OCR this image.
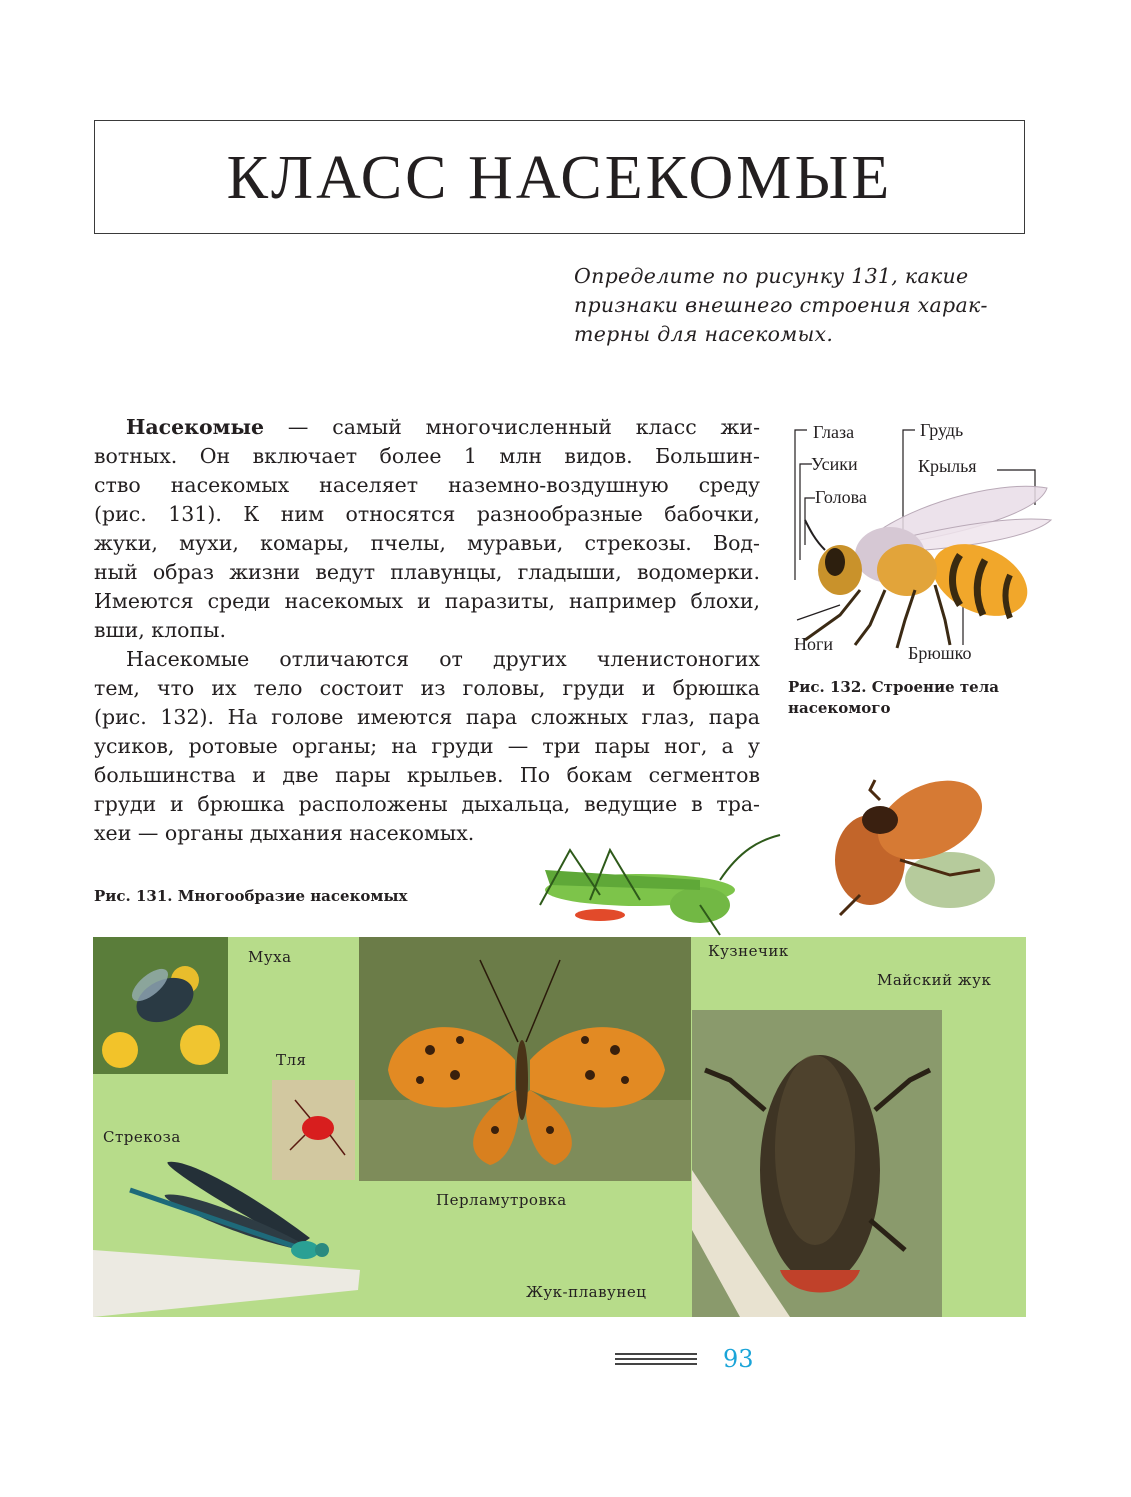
КЛАСС НАСЕКОМЫЕ
Определите по рисунку 131, какие
признаки внешнего строения харак-
терны для насекомых.
Насекомые — самый многочисленный класс жи-
вотных. Он включает более 1 млн видов. Большин-
ство насекомых населяет наземно-воздушную среду
(рис. 131). К ним относятся разнообразные бабочки,
жуки, мухи, комары, пчелы, муравьи, стрекозы. Вод-
ный образ жизни ведут плавунцы, гладыши, водомерки.
Имеются среди насекомых и паразиты, например блохи,
вши, клопы.
Насекомые отличаются от других членистоногих
тем, что их тело состоит из головы, груди и брюшка
(рис. 132). На голове имеются пара сложных глаз, пара
усиков, ротовые органы; на груди — три пары ног, а у
большинства и две пары крыльев. По бокам сегментов
груди и брюшка расположены дыхальца, ведущие в тра-
хеи — органы дыхания насекомых.
Глаза	Грудь
Усики	Крылья
Голова
Ноги	Брюшко
Рис. 132. Строение тела
насекомого
Рис. 131. Многообразие насекомых
Муха
Тля
Стрекоза
Перламутровка
Кузнечик
Майский жук
Жук-плавунец
93
